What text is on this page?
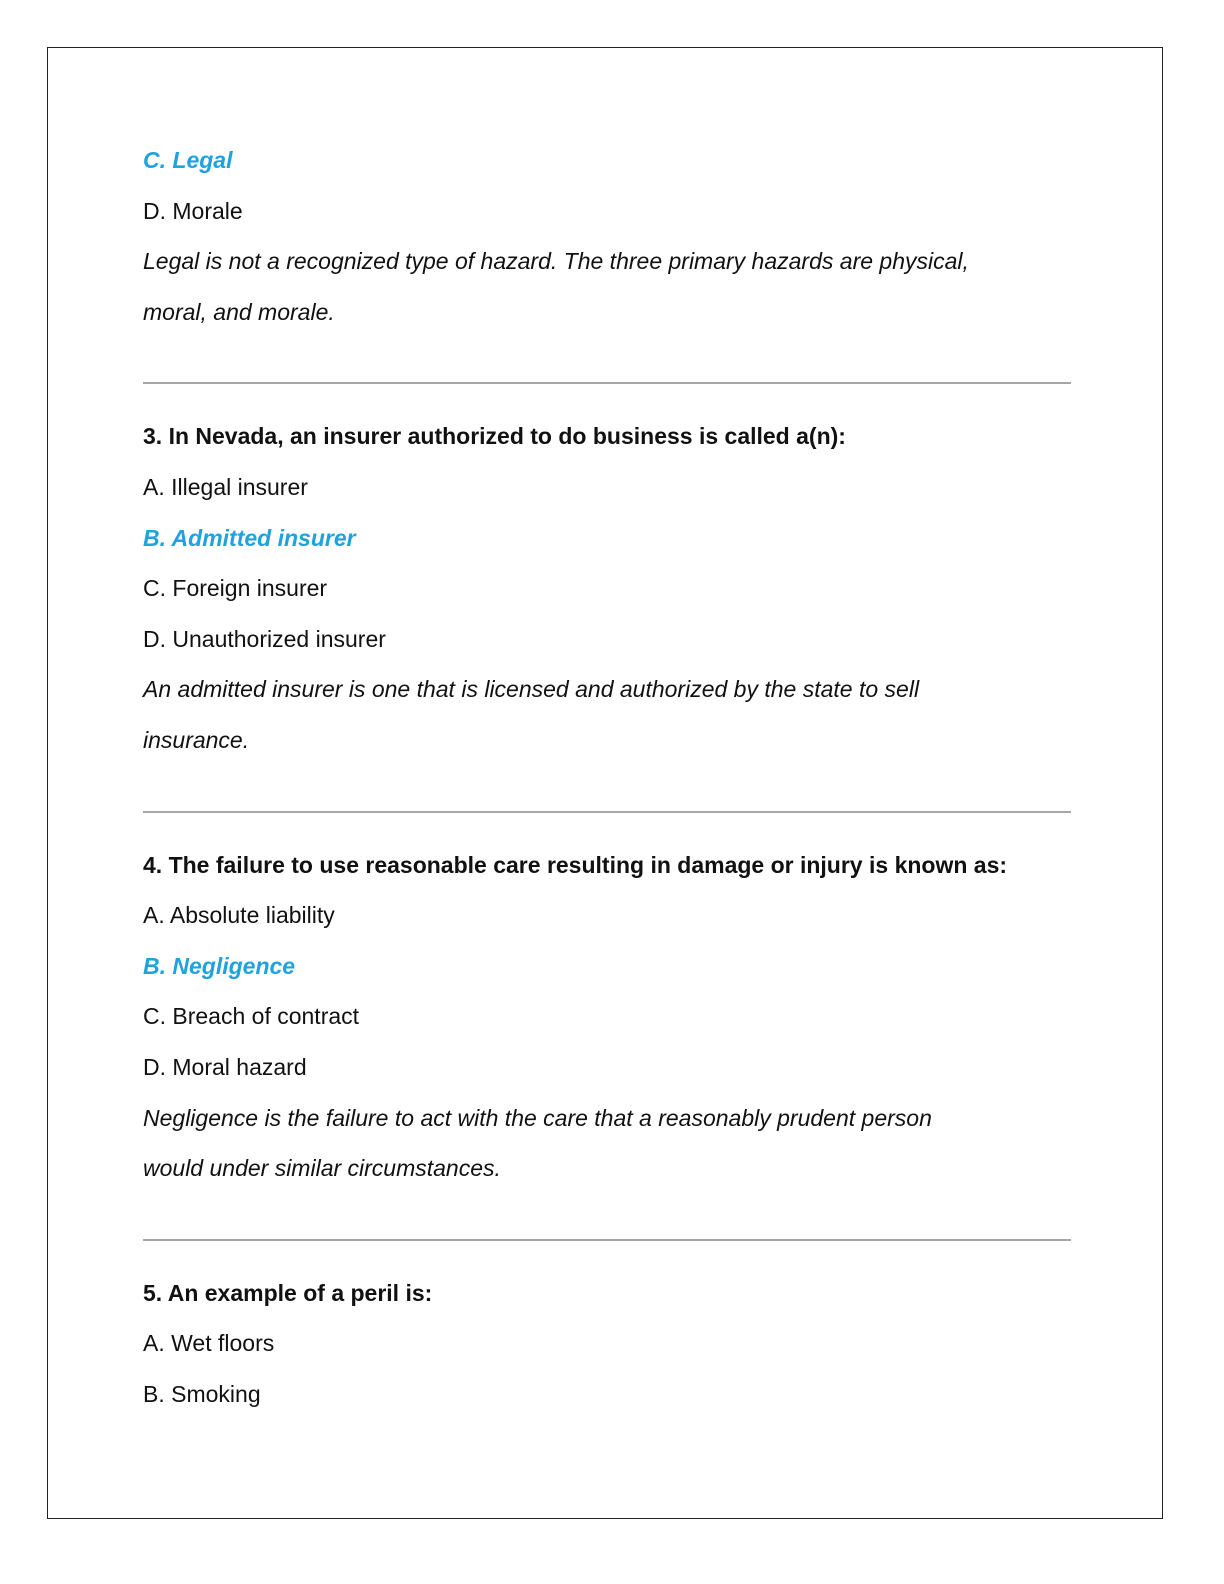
C. Legal
D. Morale
Legal is not a recognized type of hazard. The three primary hazards are physical,
moral, and morale.
3. In Nevada, an insurer authorized to do business is called a(n):
A. Illegal insurer
B. Admitted insurer
C. Foreign insurer
D. Unauthorized insurer
An admitted insurer is one that is licensed and authorized by the state to sell
insurance.
4. The failure to use reasonable care resulting in damage or injury is known as:
A. Absolute liability
B. Negligence
C. Breach of contract
D. Moral hazard
Negligence is the failure to act with the care that a reasonably prudent person
would under similar circumstances.
5. An example of a peril is:
A. Wet floors
B. Smoking
